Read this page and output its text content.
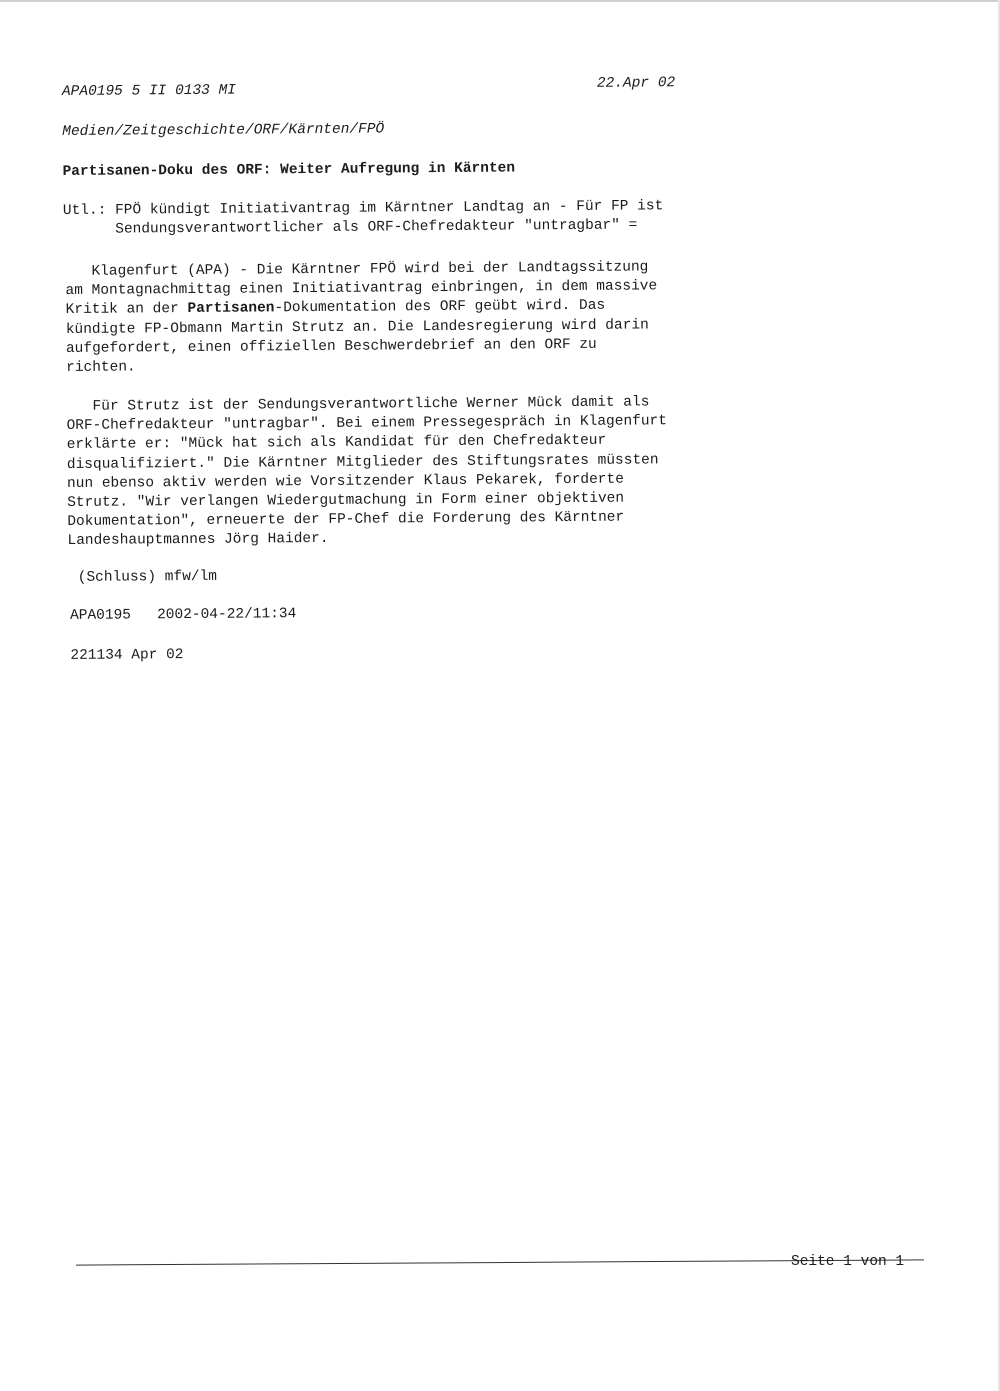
APA0195 5 II 0133 MI	22.Apr 02
Medien/Zeitgeschichte/ORF/Kärnten/FPÖ
Partisanen-Doku des ORF: Weiter Aufregung in Kärnten
Utl.: FPÖ kündigt Initiativantrag im Kärntner Landtag an - Für FP ist
Sendungsverantwortlicher als ORF-Chefredakteur "untragbar" =
Klagenfurt (APA) - Die Kärntner FPÖ wird bei der Landtagssitzung
am Montagnachmittag einen Initiativantrag einbringen, in dem massive
Kritik an der Partisanen-Dokumentation des ORF geübt wird. Das
kündigte FP-Obmann Martin Strutz an. Die Landesregierung wird darin
aufgefordert, einen offiziellen Beschwerdebrief an den ORF zu
richten.
Für Strutz ist der Sendungsverantwortliche Werner Mück damit als
ORF-Chefredakteur "untragbar". Bei einem Pressegespräch in Klagenfurt
erklärte er: "Mück hat sich als Kandidat für den Chefredakteur
disqualifiziert." Die Kärntner Mitglieder des Stiftungsrates müssten
nun ebenso aktiv werden wie Vorsitzender Klaus Pekarek, forderte
Strutz. "Wir verlangen Wiedergutmachung in Form einer objektiven
Dokumentation", erneuerte der FP-Chef die Forderung des Kärntner
Landeshauptmannes Jörg Haider.
(Schluss) mfw/lm
APA0195   2002-04-22/11:34
221134 Apr 02
Seite 1 von 1
